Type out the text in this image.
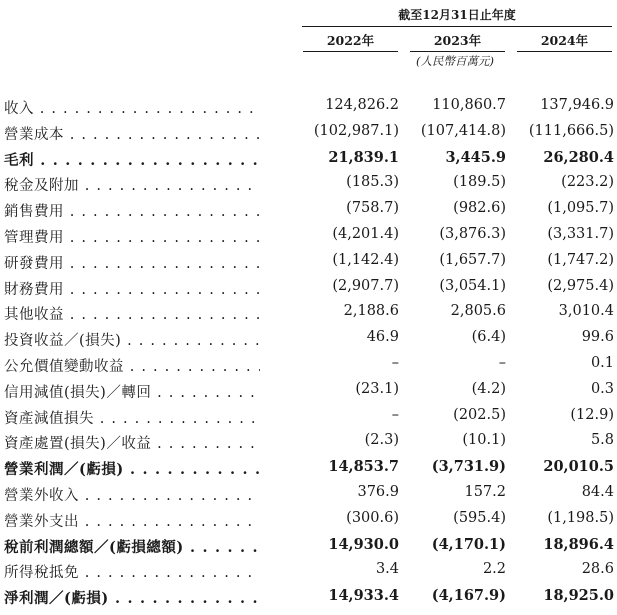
截至12月31日止年度
2022年	2023年	2024年
(人民幣百萬元)
收入 . . .	124,826.2	110,860.7	137,946.9
營業成本 . . .	(102,987.1)	(107,414.8)	(111,666.5)
毛利 . . .	21,839.1	3,445.9	26,280.4
稅金及附加 . . .	(185.3)	(189.5)	(223.2)
銷售費用 . . .	(758.7)	(982.6)	(1,095.7)
管理費用 . . .	(4,201.4)	(3,876.3)	(3,331.7)
研發費用 . . .	(1,142.4)	(1,657.7)	(1,747.2)
財務費用 . . .	(2,907.7)	(3,054.1)	(2,975.4)
其他收益 . . .	2,188.6	2,805.6	3,010.4
投資收益／(損失) . . .	46.9	(6.4)	99.6
公允價值變動收益 . . .	–	–	0.1
信用減值(損失)／轉回 . . .	(23.1)	(4.2)	0.3
資產減值損失 . . .	–	(202.5)	(12.9)
資產處置(損失)／收益 . . .	(2.3)	(10.1)	5.8
營業利潤／(虧損) . . .	14,853.7	(3,731.9)	20,010.5
營業外收入 . . .	376.9	157.2	84.4
營業外支出 . . .	(300.6)	(595.4)	(1,198.5)
稅前利潤總額／(虧損總額) . . .	14,930.0	(4,170.1)	18,896.4
所得稅抵免 . . .	3.4	2.2	28.6
淨利潤／(虧損) . . .	14,933.4	(4,167.9)	18,925.0
